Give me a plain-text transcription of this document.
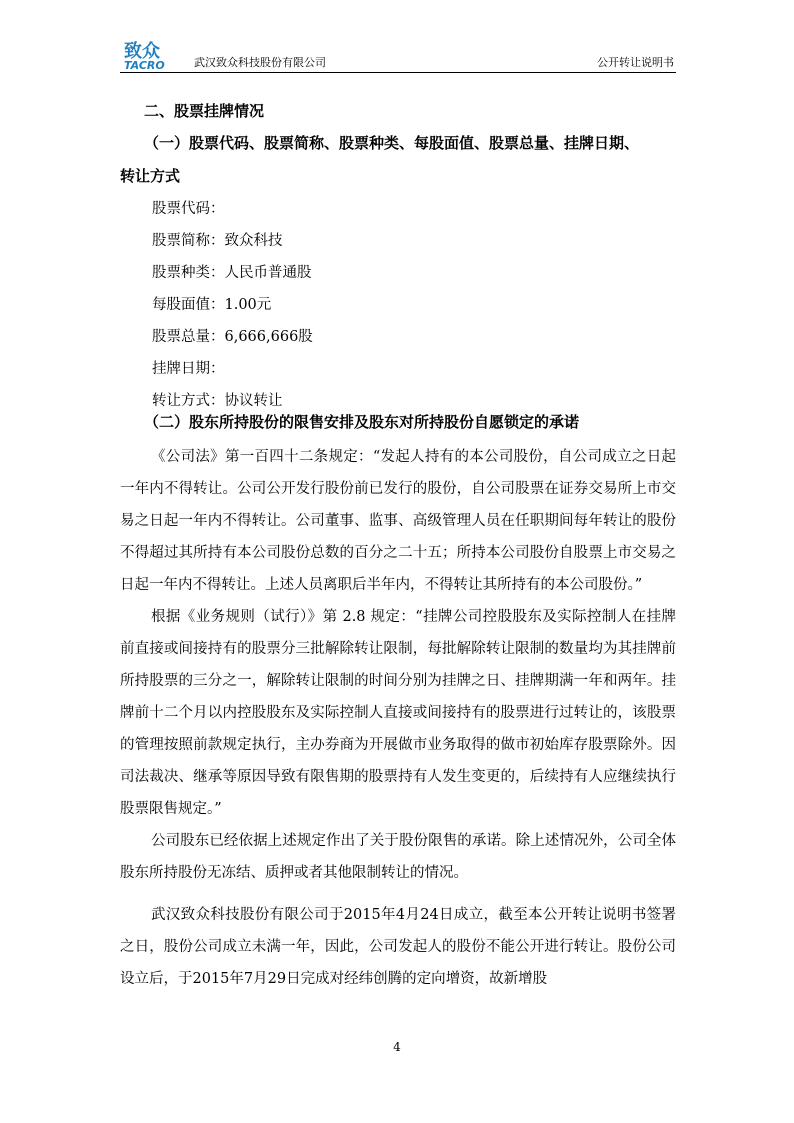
致众
TACRO	武汉致众科技股份有限公司	公开转让说明书

二、股票挂牌情况

（一）股票代码、股票简称、股票种类、每股面值、股票总量、挂牌日期、

转让方式

股票代码：

股票简称：致众科技

股票种类：人民币普通股

每股面值：1.00元

股票总量：6,666,666股

挂牌日期：

转让方式：协议转让

（二）股东所持股份的限售安排及股东对所持股份自愿锁定的承诺

《公司法》第一百四十二条规定：“发起人持有的本公司股份，自公司成立之日起一年内不得转让。公司公开发行股份前已发行的股份，自公司股票在证券交易所上市交易之日起一年内不得转让。公司董事、监事、高级管理人员在任职期间每年转让的股份不得超过其所持有本公司股份总数的百分之二十五；所持本公司股份自股票上市交易之日起一年内不得转让。上述人员离职后半年内，不得转让其所持有的本公司股份。”

根据《业务规则（试行）》第 2.8 规定：“挂牌公司控股股东及实际控制人在挂牌前直接或间接持有的股票分三批解除转让限制，每批解除转让限制的数量均为其挂牌前所持股票的三分之一，解除转让限制的时间分别为挂牌之日、挂牌期满一年和两年。挂牌前十二个月以内控股股东及实际控制人直接或间接持有的股票进行过转让的，该股票的管理按照前款规定执行，主办券商为开展做市业务取得的做市初始库存股票除外。因司法裁决、继承等原因导致有限售期的股票持有人发生变更的，后续持有人应继续执行股票限售规定。”

公司股东已经依据上述规定作出了关于股份限售的承诺。除上述情况外，公司全体股东所持股份无冻结、质押或者其他限制转让的情况。

武汉致众科技股份有限公司于2015年4月24日成立，截至本公开转让说明书签署之日，股份公司成立未满一年，因此，公司发起人的股份不能公开进行转让。股份公司设立后，于2015年7月29日完成对经纬创腾的定向增资，故新增股

4
